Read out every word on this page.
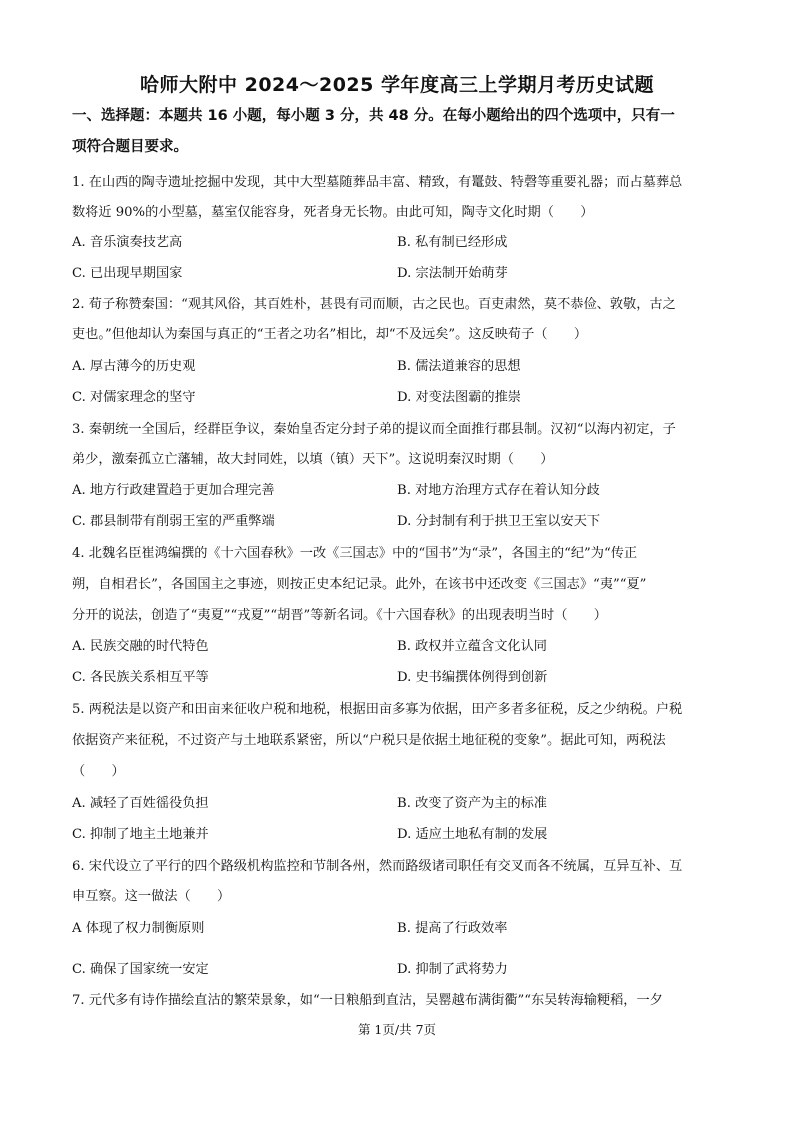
哈师大附中 2024～2025 学年度高三上学期月考历史试题
一、选择题：本题共 16 小题，每小题 3 分，共 48 分。在每小题给出的四个选项中，只有一
项符合题目要求。
1. 在山西的陶寺遗址挖掘中发现，其中大型墓随葬品丰富、精致，有鼍鼓、特磬等重要礼器；而占墓葬总
数将近 90%的小型墓，墓室仅能容身，死者身无长物。由此可知，陶寺文化时期（　　）
A. 音乐演奏技艺高	B. 私有制已经形成
C. 已出现早期国家	D. 宗法制开始萌芽
2. 荀子称赞秦国：“观其风俗，其百姓朴，甚畏有司而顺，古之民也。百吏肃然，莫不恭俭、敦敬，古之
吏也。”但他却认为秦国与真正的“王者之功名”相比，却“不及远矣”。这反映荀子（　　）
A. 厚古薄今的历史观	B. 儒法道兼容的思想
C. 对儒家理念的坚守	D. 对变法图霸的推崇
3. 秦朝统一全国后，经群臣争议，秦始皇否定分封子弟的提议而全面推行郡县制。汉初“以海内初定，子
弟少，激秦孤立亡藩辅，故大封同姓，以填（镇）天下”。这说明秦汉时期（　　）
A. 地方行政建置趋于更加合理完善	B. 对地方治理方式存在着认知分歧
C. 郡县制带有削弱王室的严重弊端	D. 分封制有利于拱卫王室以安天下
4. 北魏名臣崔鸿编撰的《十六国春秋》一改《三国志》中的“国书”为“录”，各国主的“纪”为“传正
朔，自相君长”，各国国主之事迹，则按正史本纪记录。此外，在该书中还改变《三国志》“夷”“夏”
分开的说法，创造了“夷夏”“戎夏”“胡晋”等新名词。《十六国春秋》的出现表明当时（　　）
A. 民族交融的时代特色	B. 政权并立蕴含文化认同
C. 各民族关系相互平等	D. 史书编撰体例得到创新
5. 两税法是以资产和田亩来征收户税和地税，根据田亩多寡为依据，田产多者多征税，反之少纳税。户税
依据资产来征税，不过资产与土地联系紧密，所以“户税只是依据土地征税的变象”。据此可知，两税法
（　　）
A. 减轻了百姓徭役负担	B. 改变了资产为主的标准
C. 抑制了地主土地兼并	D. 适应土地私有制的发展
6. 宋代设立了平行的四个路级机构监控和节制各州，然而路级诸司职任有交叉而各不统属，互异互补、互
申互察。这一做法（　　）
A 体现了权力制衡原则	B. 提高了行政效率
C. 确保了国家统一安定	D. 抑制了武将势力
7. 元代多有诗作描绘直沽的繁荣景象，如“一日粮船到直沽，吴罂越布满街衢”“东吴转海输粳稻，一夕
第 1页/共 7页
